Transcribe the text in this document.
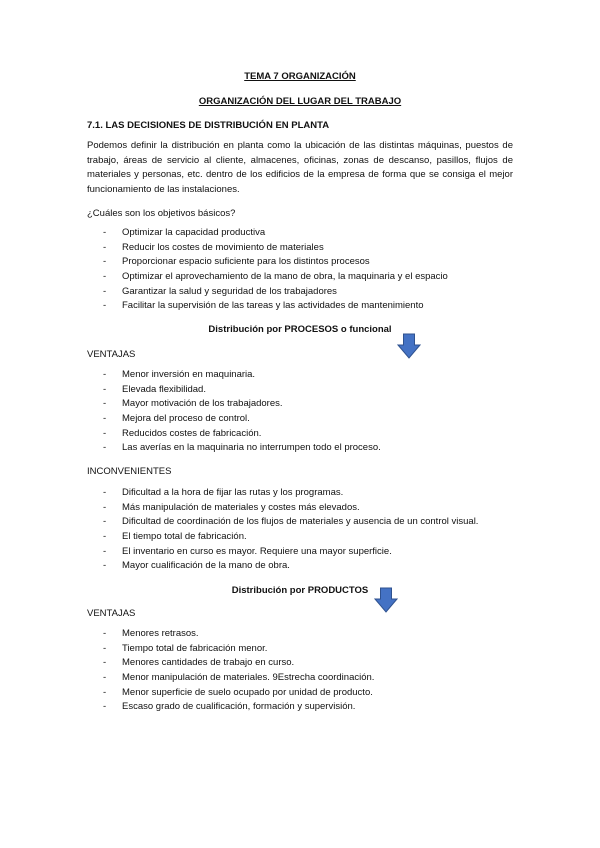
TEMA 7 ORGANIZACIÓN
ORGANIZACIÓN DEL LUGAR DEL TRABAJO
7.1. LAS DECISIONES DE DISTRIBUCIÓN EN PLANTA
Podemos definir la distribución en planta como la ubicación de las distintas máquinas, puestos de trabajo, áreas de servicio al cliente, almacenes, oficinas, zonas de descanso, pasillos, flujos de materiales y personas, etc. dentro de los edificios de la empresa de forma que se consiga el mejor funcionamiento de las instalaciones.
¿Cuáles son los objetivos básicos?
- Optimizar la capacidad productiva
- Reducir los costes de movimiento de materiales
- Proporcionar espacio suficiente para los distintos procesos
- Optimizar el aprovechamiento de la mano de obra, la maquinaria y el espacio
- Garantizar la salud y seguridad de los trabajadores
- Facilitar la supervisión de las tareas y las actividades de mantenimiento
Distribución por PROCESOS o funcional
VENTAJAS
- Menor inversión en maquinaria.
- Elevada flexibilidad.
- Mayor motivación de los trabajadores.
- Mejora del proceso de control.
- Reducidos costes de fabricación.
- Las averías en la maquinaria no interrumpen todo el proceso.
INCONVENIENTES
- Dificultad a la hora de fijar las rutas y los programas.
- Más manipulación de materiales y costes más elevados.
- Dificultad de coordinación de los flujos de materiales y ausencia de un control visual.
- El tiempo total de fabricación.
- El inventario en curso es mayor. Requiere una mayor superficie.
- Mayor cualificación de la mano de obra.
Distribución por PRODUCTOS
VENTAJAS
- Menores retrasos.
- Tiempo total de fabricación menor.
- Menores cantidades de trabajo en curso.
- Menor manipulación de materiales. 9Estrecha coordinación.
- Menor superficie de suelo ocupado por unidad de producto.
- Escaso grado de cualificación, formación y supervisión.
